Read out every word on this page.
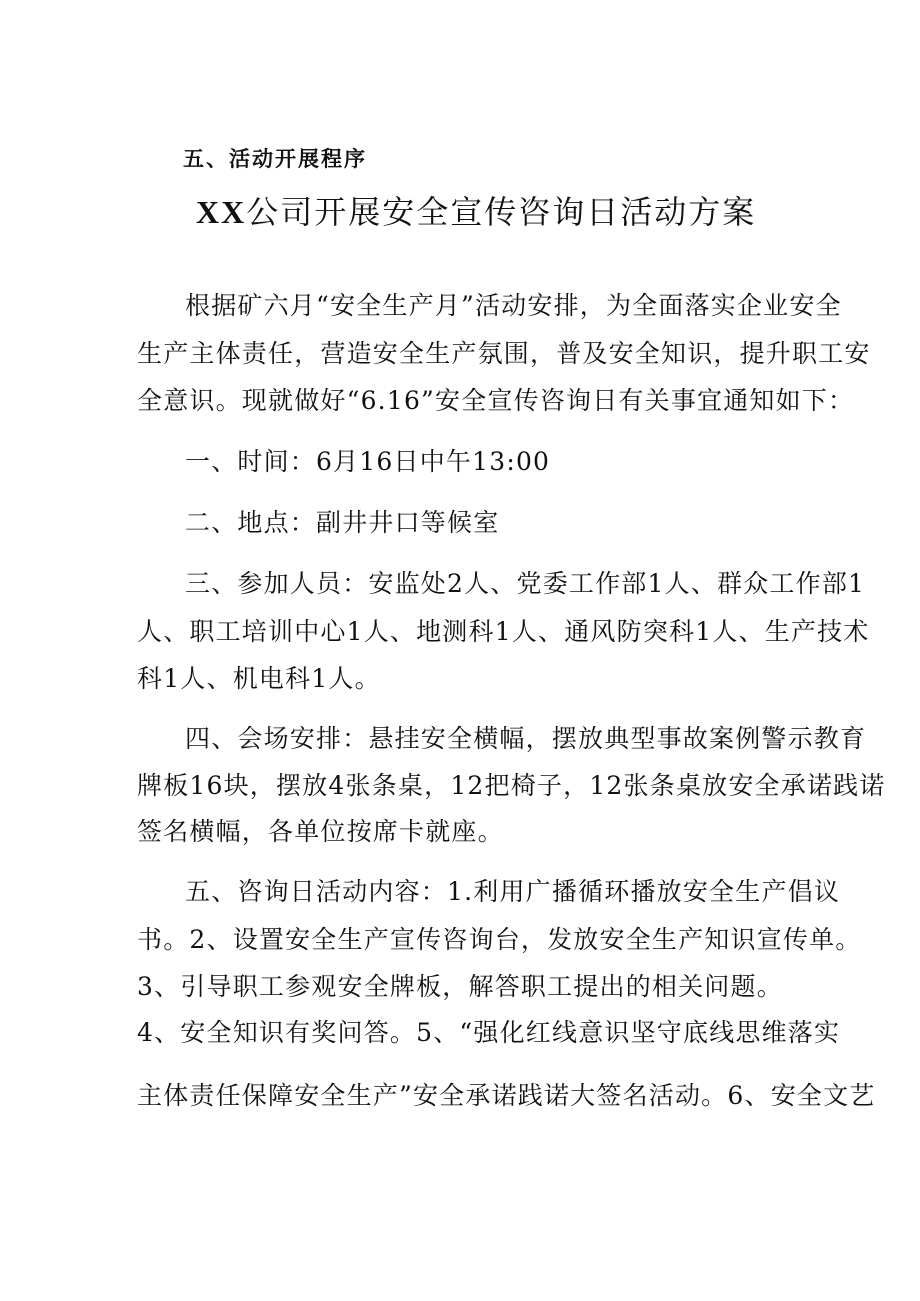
五、活动开展程序
XX公司开展安全宣传咨询日活动方案
根据矿六月“安全生产月”活动安排，为全面落实企业安全
生产主体责任，营造安全生产氛围，普及安全知识，提升职工安
全意识。现就做好“6.16”安全宣传咨询日有关事宜通知如下：
一、时间：6月16日中午13:00
二、地点：副井井口等候室
三、参加人员：安监处2人、党委工作部1人、群众工作部1
人、职工培训中心1人、地测科1人、通风防突科1人、生产技术
科1人、机电科1人。
四、会场安排：悬挂安全横幅，摆放典型事故案例警示教育
牌板16块，摆放4张条桌，12把椅子，12张条桌放安全承诺践诺
签名横幅，各单位按席卡就座。
五、咨询日活动内容：1.利用广播循环播放安全生产倡议
书。2、设置安全生产宣传咨询台，发放安全生产知识宣传单。
3、引导职工参观安全牌板，解答职工提出的相关问题。
4、安全知识有奖问答。5、“强化红线意识坚守底线思维落实
主体责任保障安全生产”安全承诺践诺大签名活动。6、安全文艺
